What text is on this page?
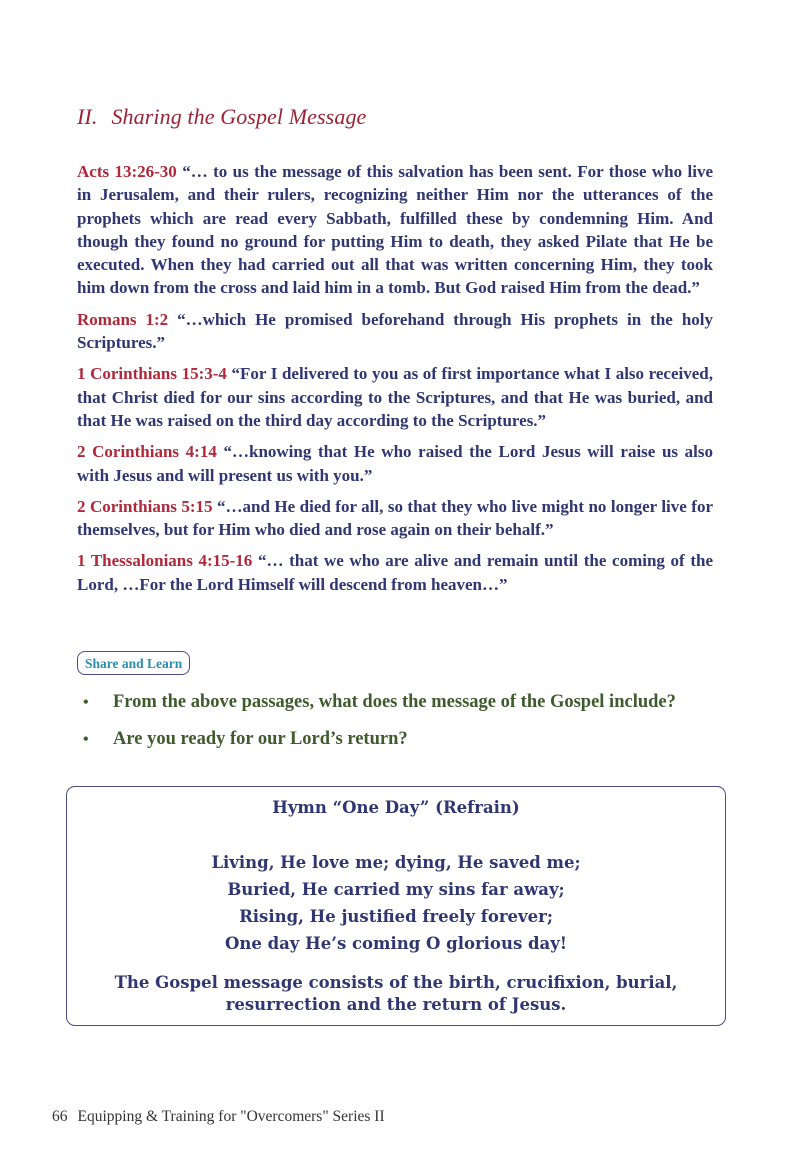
II. Sharing the Gospel Message

Acts 13:26-30 “… to us the message of this salvation has been sent. For those who live in Jerusalem, and their rulers, recognizing neither Him nor the utterances of the prophets which are read every Sabbath, fulfilled these by condemning Him. And though they found no ground for putting Him to death, they asked Pilate that He be executed. When they had carried out all that was written concerning Him, they took him down from the cross and laid him in a tomb. But God raised Him from the dead.”

Romans 1:2 “…which He promised beforehand through His prophets in the holy Scriptures.”

1 Corinthians 15:3-4 “For I delivered to you as of first importance what I also received, that Christ died for our sins according to the Scriptures, and that He was buried, and that He was raised on the third day according to the Scriptures.”

2 Corinthians 4:14 “…knowing that He who raised the Lord Jesus will raise us also with Jesus and will present us with you.”

2 Corinthians 5:15 “…and He died for all, so that they who live might no longer live for themselves, but for Him who died and rose again on their behalf.”

1 Thessalonians 4:15-16 “… that we who are alive and remain until the coming of the Lord, …For the Lord Himself will descend from heaven…”

Share and Learn
• From the above passages, what does the message of the Gospel include?
• Are you ready for our Lord’s return?
Hymn “One Day” (Refrain)
Living, He love me; dying, He saved me;
Buried, He carried my sins far away;
Rising, He justified freely forever;
One day He’s coming O glorious day!
The Gospel message consists of the birth, crucifixion, burial, resurrection and the return of Jesus.
66 Equipping & Training for "Overcomers" Series II
